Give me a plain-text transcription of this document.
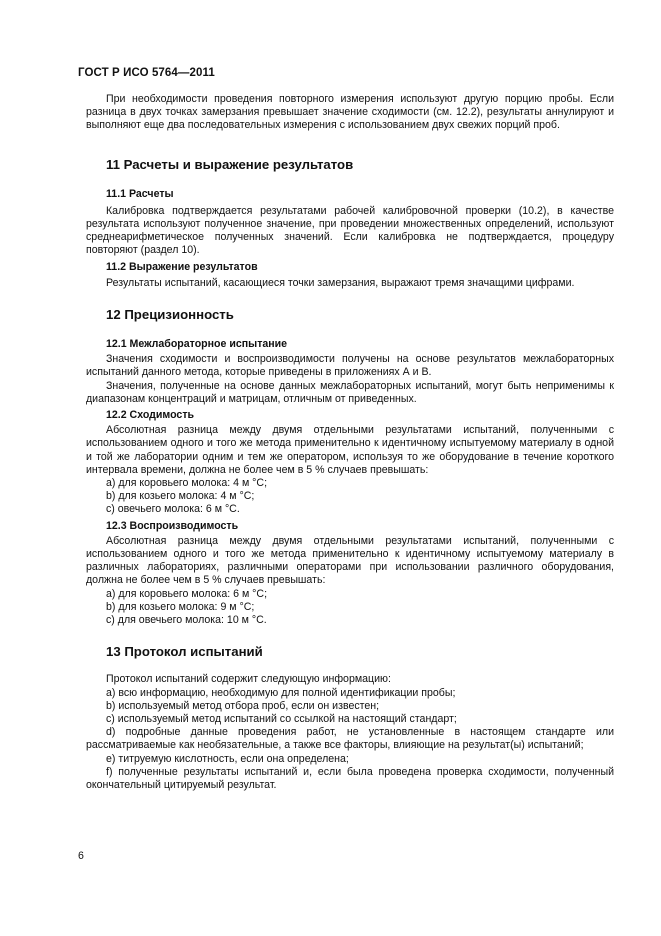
ГОСТ Р ИСО 5764—2011

При необходимости проведения повторного измерения используют другую порцию пробы. Если разница в двух точках замерзания превышает значение сходимости (см. 12.2), результаты аннулируют и выполняют еще два последовательных измерения с использованием двух свежих порций проб.

11 Расчеты и выражение результатов
11.1 Расчеты

Калибровка подтверждается результатами рабочей калибровочной проверки (10.2), в качестве результата используют полученное значение, при проведении множественных определений, используют среднеарифметическое полученных значений. Если калибровка не подтверждается, процедуру повторяют (раздел 10).

11.2 Выражение результатов

Результаты испытаний, касающиеся точки замерзания, выражают тремя значащими цифрами.

12 Прецизионность
12.1 Межлабораторное испытание

Значения сходимости и воспроизводимости получены на основе результатов межлабораторных испытаний данного метода, которые приведены в приложениях А и В.

Значения, полученные на основе данных межлабораторных испытаний, могут быть неприменимы к диапазонам концентраций и матрицам, отличным от приведенных.

12.2 Сходимость

Абсолютная разница между двумя отдельными результатами испытаний, полученными с использованием одного и того же метода применительно к идентичному испытуемому материалу в одной и той же лаборатории одним и тем же оператором, используя то же оборудование в течение короткого интервала времени, должна не более чем в 5 % случаев превышать:

a) для коровьего молока: 4 м °С;

b) для козьего молока: 4 м °С;

c) овечьего молока: 6 м °С.

12.3 Воспроизводимость

Абсолютная разница между двумя отдельными результатами испытаний, полученными с использованием одного и того же метода применительно к идентичному испытуемому материалу в различных лабораториях, различными операторами при использовании различного оборудования, должна не более чем в 5 % случаев превышать:

a) для коровьего молока: 6 м °С;

b) для козьего молока: 9 м °С;

c) для овечьего молока: 10 м °С.

13 Протокол испытаний

Протокол испытаний содержит следующую информацию:

a) всю информацию, необходимую для полной идентификации пробы;

b) используемый метод отбора проб, если он известен;

c) используемый метод испытаний со ссылкой на настоящий стандарт;

d) подробные данные проведения работ, не установленные в настоящем стандарте или рассматриваемые как необязательные, а также все факторы, влияющие на результат(ы) испытаний;

e) титруемую кислотность, если она определена;

f) полученные результаты испытаний и, если была проведена проверка сходимости, полученный окончательный цитируемый результат.

6
